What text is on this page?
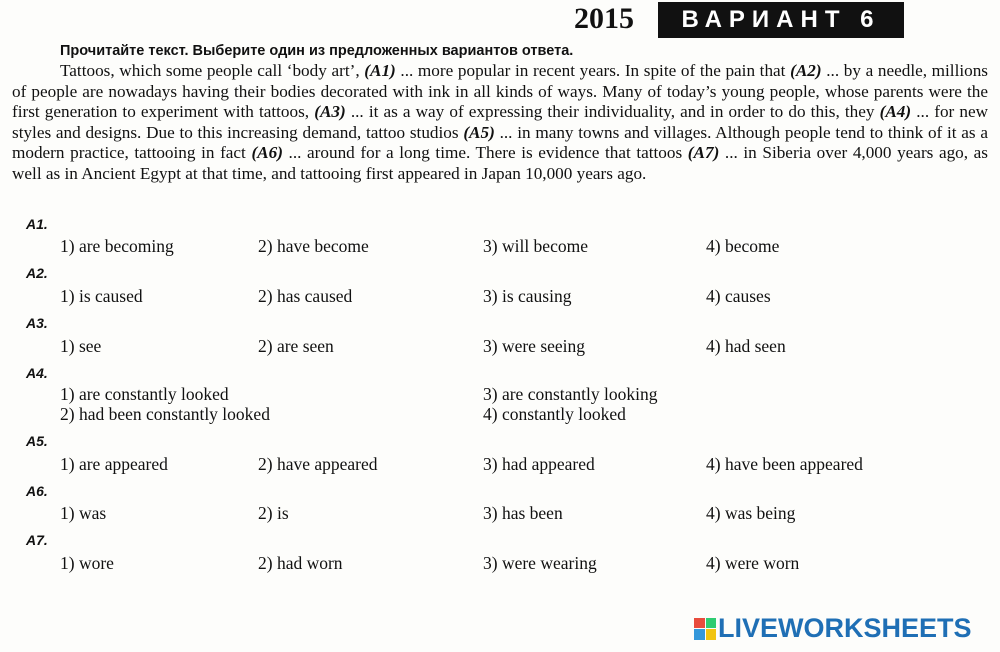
2015	ВАРИАНТ 6
Прочитайте текст. Выберите один из предложенных вариантов ответа.

Tattoos, which some people call ‘body art’, (A1) ... more popular in recent years. In spite of the pain that (A2) ... by a needle, millions of people are nowadays having their bodies decorated with ink in all kinds of ways. Many of today’s young people, whose parents were the first generation to experiment with tattoos, (A3) ... it as a way of expressing their individuality, and in order to do this, they (A4) ... for new styles and designs. Due to this increasing demand, tattoo studios (A5) ... in many towns and villages. Although people tend to think of it as a modern practice, tattooing in fact (A6) ... around for a long time. There is evidence that tattoos (A7) ... in Siberia over 4,000 years ago, as well as in Ancient Egypt at that time, and tattooing first appeared in Japan 10,000 years ago.

A1.
1) are becoming	2) have become	3) will become	4) become
A2.
1) is caused	2) has caused	3) is causing	4) causes
A3.
1) see	2) are seen	3) were seeing	4) had seen
A4.
1) are constantly looked
2) had been constantly looked
3) are constantly looking
4) constantly looked
A5.
1) are appeared	2) have appeared	3) had appeared	4) have been appeared
A6.
1) was	2) is	3) has been	4) was being
A7.
1) wore	2) had worn	3) were wearing	4) were worn
LIVEWORKSHEETS
